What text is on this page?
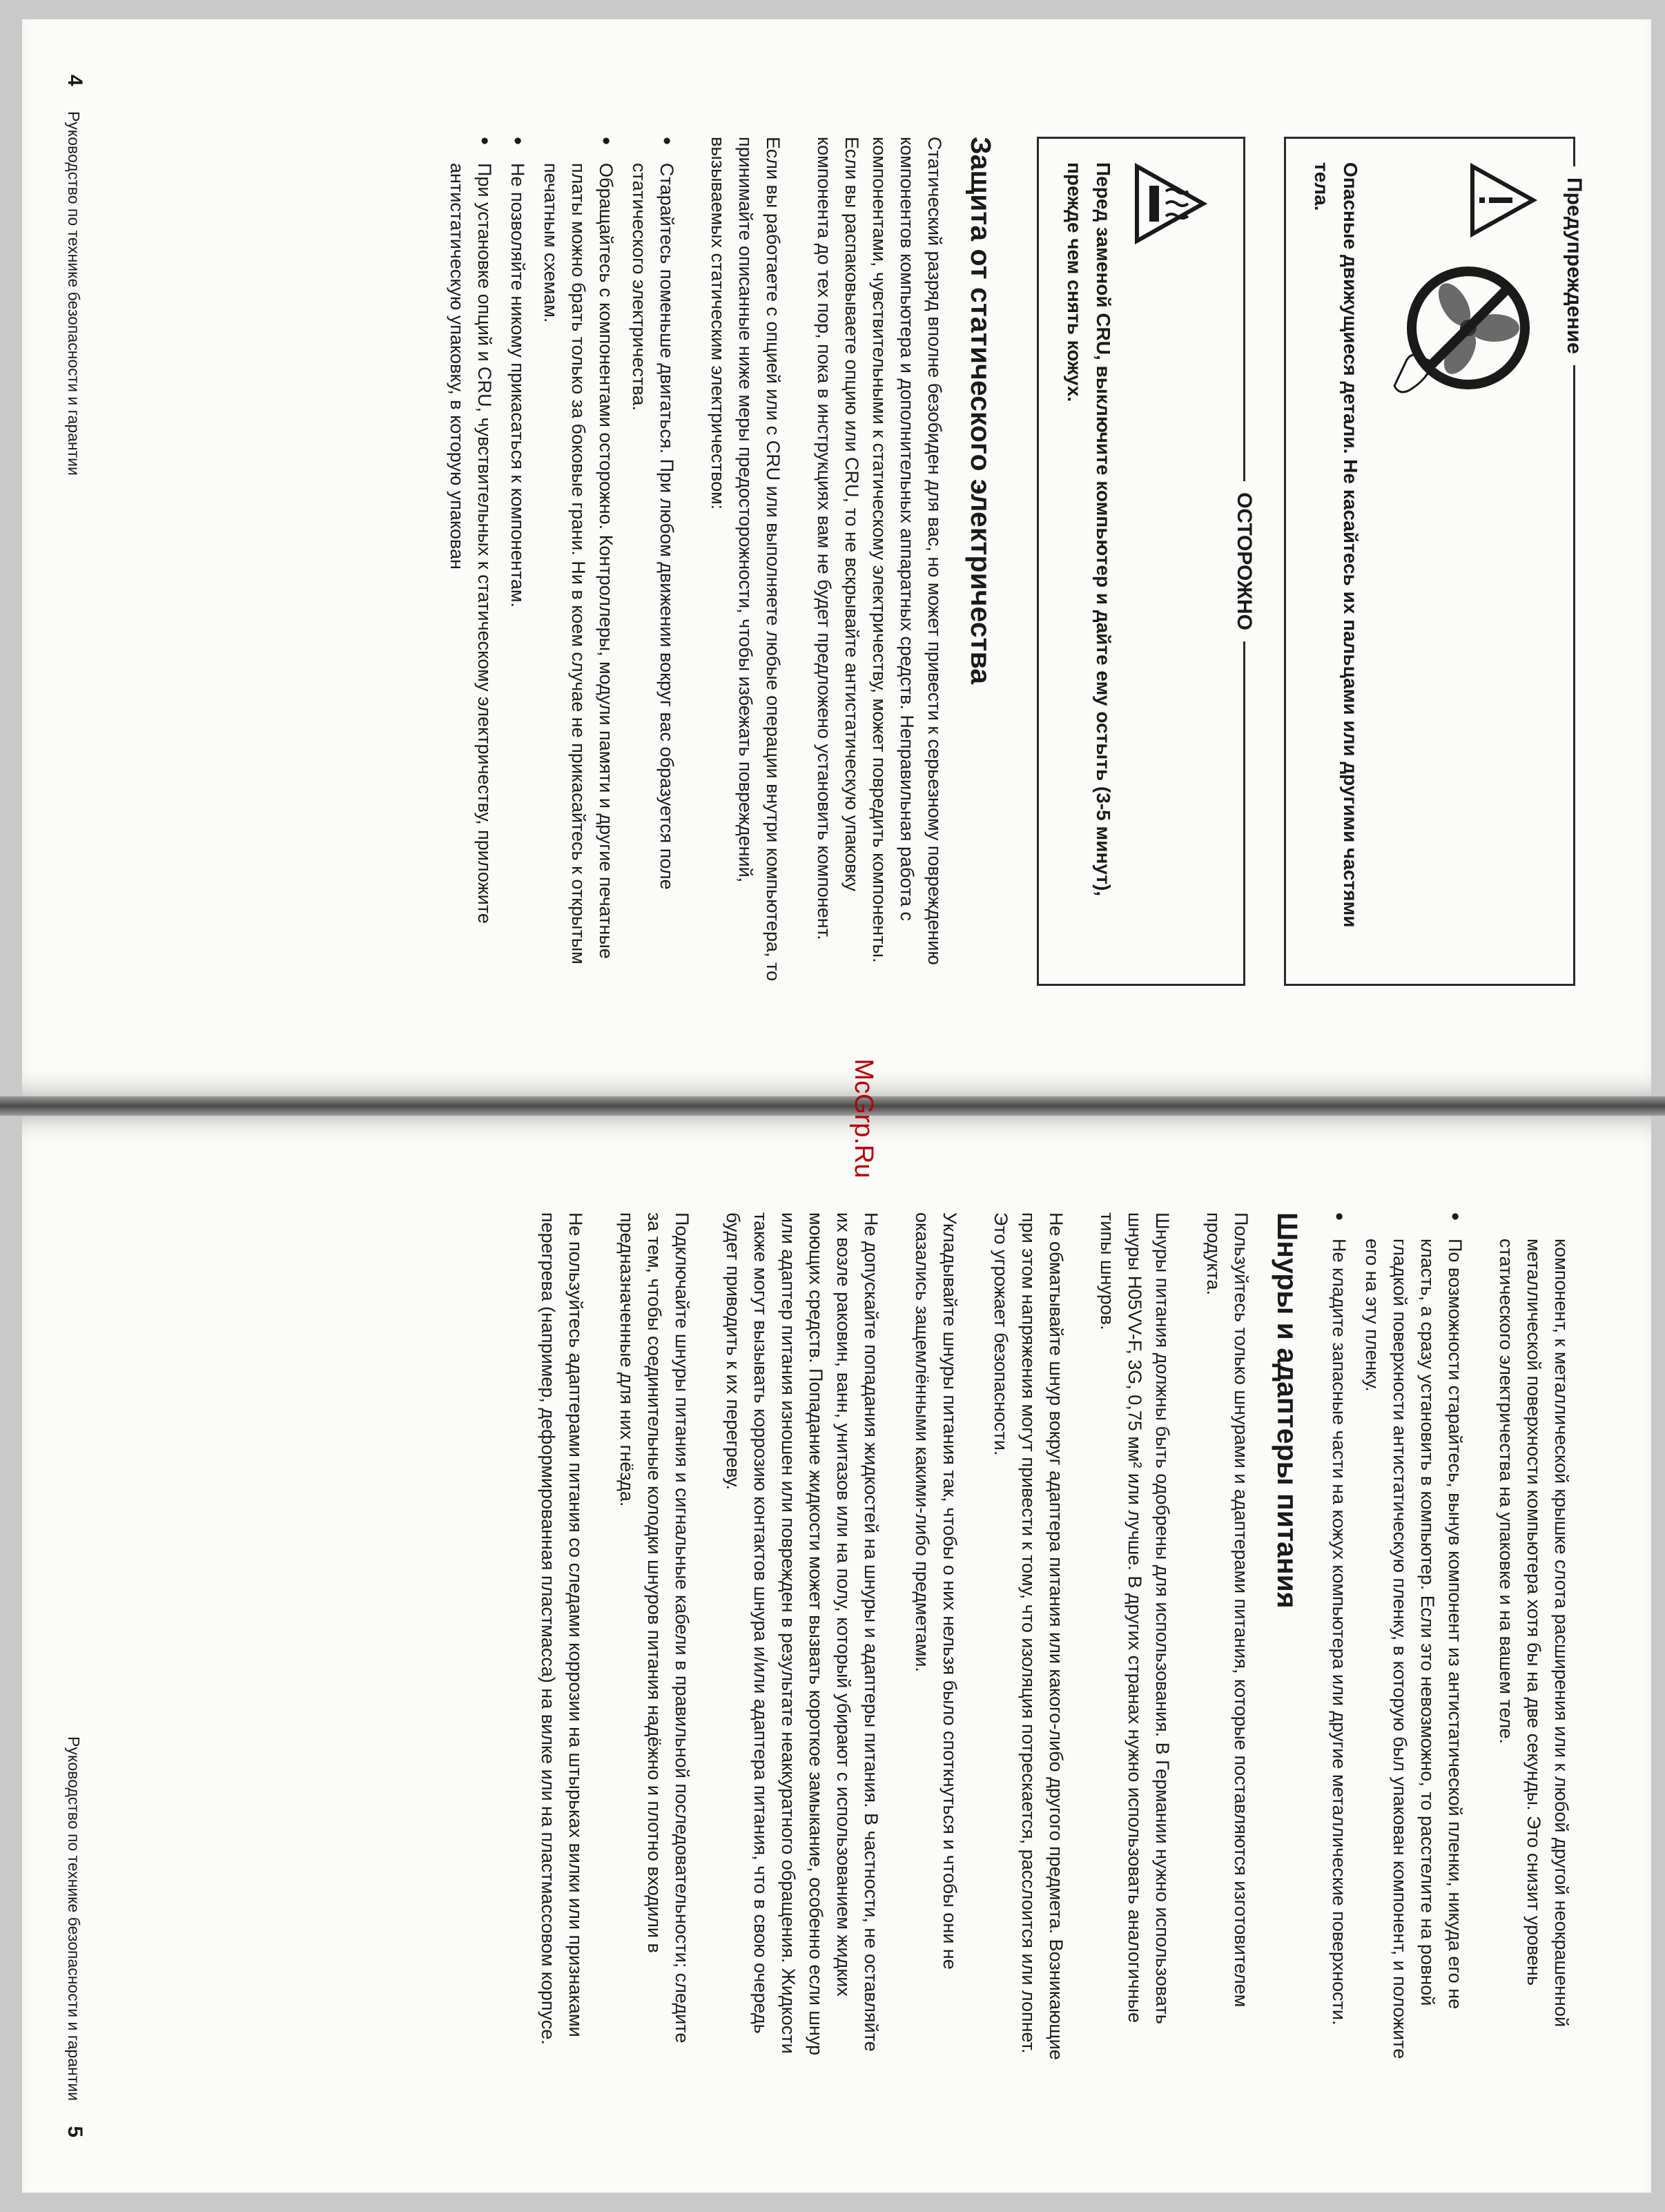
Предупреждение

Опасные движущиеся детали. Не касайтесь их пальцами или другими частями тела.

ОСТОРОЖНО

Перед заменой CRU, выключите компьютер и дайте ему остыть (3-5 минут), прежде чем снять кожух.

Защита от статического электричества

Статический разряд вполне безобиден для вас, но может привести к серьезному повреждению компонентов компьютера и дополнительных аппаратных средств. Неправильная работа с компонентами, чувствительными к статическому электричеству, может повредить компоненты. Если вы распаковываете опцию или CRU, то не вскрывайте антистатическую упаковку компонента до тех пор, пока в инструкциях вам не будет предложено установить компонент.

Если вы работаете с опцией или с CRU или выполняете любые операции внутри компьютера, то принимайте описанные ниже меры предосторожности, чтобы избежать повреждений, вызываемых статическим электричеством:

• Старайтесь поменьше двигаться. При любом движении вокруг вас образуется поле статического электричества.
• Обращайтесь с компонентами осторожно. Контроллеры, модули памяти и другие печатные платы можно брать только за боковые грани. Ни в коем случае не прикасайтесь к открытым печатным схемам.
• Не позволяйте никому прикасаться к компонентам.
• При установке опций и CRU, чувствительных к статическому электричеству, приложите антистатическую упаковку, в которую упакован
4 Руководство по технике безопасности и гарантии

компонент, к металлической крышке слота расширения или к любой другой неокрашенной металлической поверхности компьютера хотя бы на две секунды. Это снизит уровень статического электричества на упаковке и на вашем теле.

• По возможности старайтесь, вынув компонент из антистатической пленки, никуда его не класть, а сразу установить в компьютер. Если это невозможно, то расстелите на ровной гладкой поверхности антистатическую пленку, в которую был упакован компонент, и положите его на эту пленку.
• Не кладите запасные части на кожух компьютера или другие металлические поверхности.
Шнуры и адаптеры питания

Пользуйтесь только шнурами и адаптерами питания, которые поставляются изготовителем продукта.

Шнуры питания должны быть одобрены для использования. В Германии нужно использовать шнуры H05VV-F, 3G, 0,75 мм² или лучше. В других странах нужно использовать аналогичные типы шнуров.

Не обматывайте шнур вокруг адаптера питания или какого-либо другого предмета. Возникающие при этом напряжения могут привести к тому, что изоляция потрескается, расслоится или лопнет. Это угрожает безопасности.

Укладывайте шнуры питания так, чтобы о них нельзя было споткнуться и чтобы они не оказались защемлёнными какими-либо предметами.

Не допускайте попадания жидкостей на шнуры и адаптеры питания. В частности, не оставляйте их возле раковин, ванн, унитазов или на полу, который убирают с использованием жидких моющих средств. Попадание жидкости может вызвать короткое замыкание, особенно если шнур или адаптер питания изношен или поврежден в результате неаккуратного обращения. Жидкости также могут вызывать коррозию контактов шнура и/или адаптера питания, что в свою очередь будет приводить к их перегреву.

Подключайте шнуры питания и сигнальные кабели в правильной последовательности; следите за тем, чтобы соединительные колодки шнуров питания надёжно и плотно входили в предназначенные для них гнёзда.

Не пользуйтесь адаптерами питания со следами коррозии на штырьках вилки или признаками перегрева (например, деформированная пластмасса) на вилке или на пластмассовом корпусе.

Руководство по технике безопасности и гарантии 5
McGrp.Ru
